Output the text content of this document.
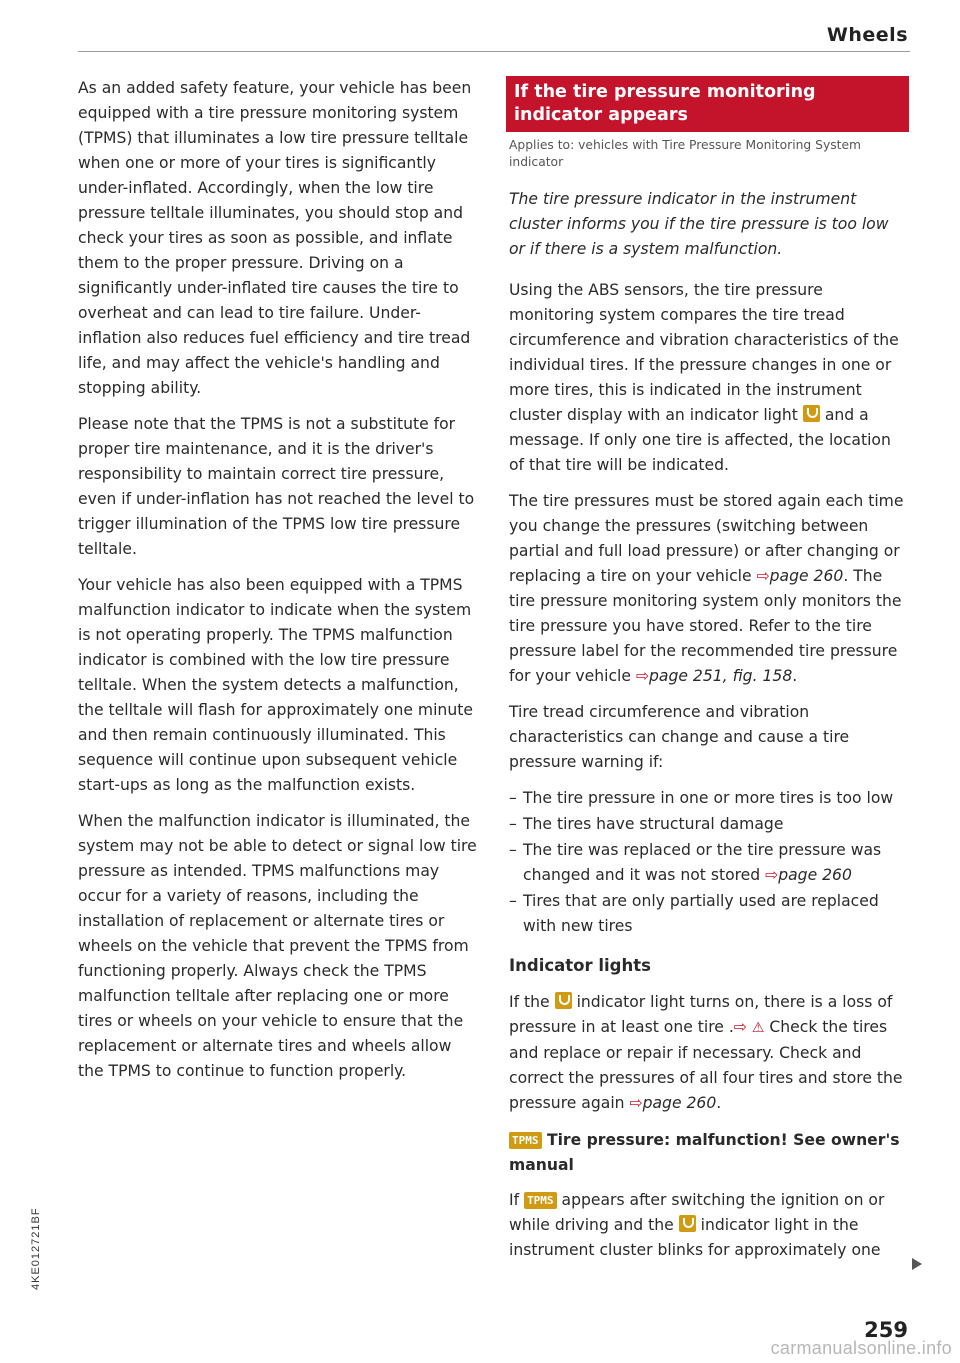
Wheels

As an added safety feature, your vehicle has been equipped with a tire pressure monitoring system (TPMS) that illuminates a low tire pressure telltale when one or more of your tires is significantly under-inflated. Accordingly, when the low tire pressure telltale illuminates, you should stop and check your tires as soon as possible, and inflate them to the proper pressure. Driving on a significantly under-inflated tire causes the tire to overheat and can lead to tire failure. Under-inflation also reduces fuel efficiency and tire tread life, and may affect the vehicle's handling and stopping ability.

Please note that the TPMS is not a substitute for proper tire maintenance, and it is the driver's responsibility to maintain correct tire pressure, even if under-inflation has not reached the level to trigger illumination of the TPMS low tire pressure telltale.

Your vehicle has also been equipped with a TPMS malfunction indicator to indicate when the system is not operating properly. The TPMS malfunction indicator is combined with the low tire pressure telltale. When the system detects a malfunction, the telltale will flash for approximately one minute and then remain continuously illuminated. This sequence will continue upon subsequent vehicle start-ups as long as the malfunction exists.

When the malfunction indicator is illuminated, the system may not be able to detect or signal low tire pressure as intended. TPMS malfunctions may occur for a variety of reasons, including the installation of replacement or alternate tires or wheels on the vehicle that prevent the TPMS from functioning properly. Always check the TPMS malfunction telltale after replacing one or more tires or wheels on your vehicle to ensure that the replacement or alternate tires and wheels allow the TPMS to continue to function properly.

If the tire pressure monitoring indicator appears
Applies to: vehicles with Tire Pressure Monitoring System indicator

The tire pressure indicator in the instrument cluster informs you if the tire pressure is too low or if there is a system malfunction.

Using the ABS sensors, the tire pressure monitoring system compares the tire tread circumference and vibration characteristics of the individual tires. If the pressure changes in one or more tires, this is indicated in the instrument cluster display with an indicator light and a message. If only one tire is affected, the location of that tire will be indicated.

The tire pressures must be stored again each time you change the pressures (switching between partial and full load pressure) or after changing or replacing a tire on your vehicle ⇨page 260. The tire pressure monitoring system only monitors the tire pressure you have stored. Refer to the tire pressure label for the recommended tire pressure for your vehicle ⇨page 251, fig. 158.

Tire tread circumference and vibration characteristics can change and cause a tire pressure warning if:

– The tire pressure in one or more tires is too low
– The tires have structural damage
– The tire was replaced or the tire pressure was changed and it was not stored ⇨page 260
– Tires that are only partially used are replaced with new tires
Indicator lights

If the indicator light turns on, there is a loss of pressure in at least one tire .⇨ ⚠ Check the tires and replace or repair if necessary. Check and correct the pressures of all four tires and store the pressure again ⇨page 260.

TPMS Tire pressure: malfunction! See owner's manual

If TPMS appears after switching the ignition on or while driving and the indicator light in the instrument cluster blinks for approximately one

4KE012721BF
259
carmanualsonline.info
